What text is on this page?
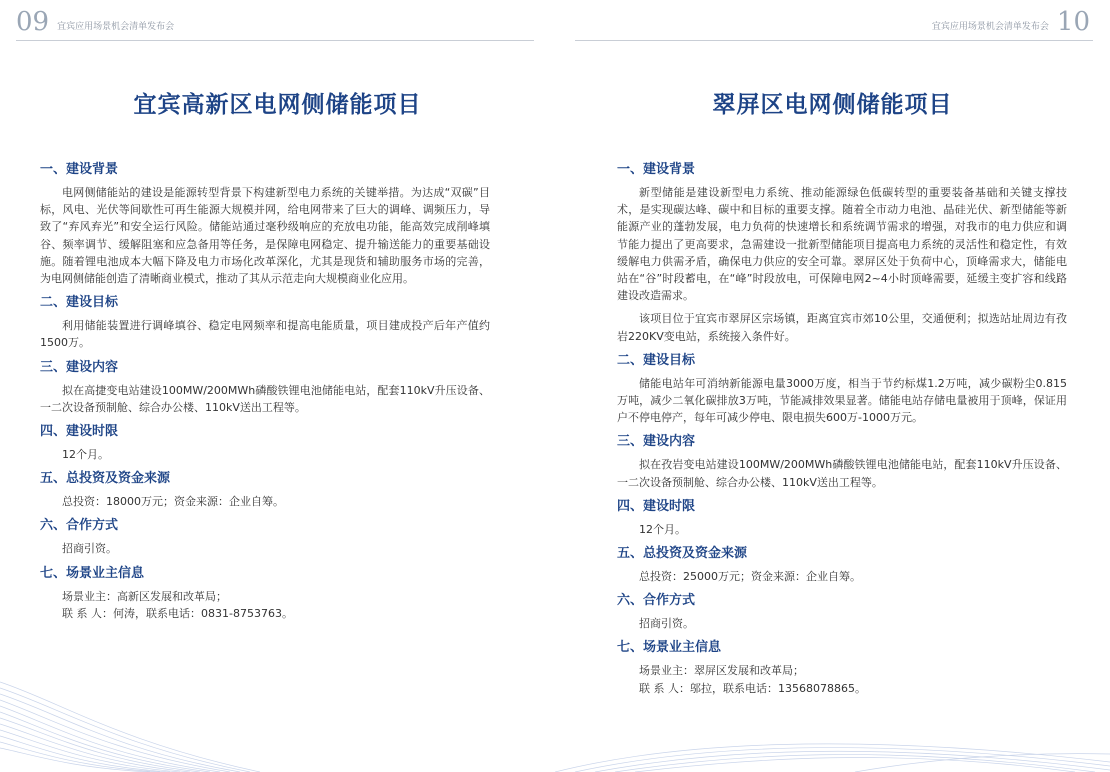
09 宜宾应用场景机会清单发布会
宜宾高新区电网侧储能项目

一、建设背景

电网侧储能站的建设是能源转型背景下构建新型电力系统的关键举措。为达成“双碳”目标，风电、光伏等间歇性可再生能源大规模并网，给电网带来了巨大的调峰、调频压力，导致了“弃风弃光”和安全运行风险。储能站通过毫秒级响应的充放电功能，能高效完成削峰填谷、频率调节、缓解阻塞和应急备用等任务，是保障电网稳定、提升输送能力的重要基础设施。随着锂电池成本大幅下降及电力市场化改革深化，尤其是现货和辅助服务市场的完善，为电网侧储能创造了清晰商业模式，推动了其从示范走向大规模商业化应用。

二、建设目标

利用储能装置进行调峰填谷、稳定电网频率和提高电能质量，项目建成投产后年产值约1500万。

三、建设内容

拟在高捷变电站建设100MW/200MWh磷酸铁锂电池储能电站，配套110kV升压设备、一二次设备预制舱、综合办公楼、110kV送出工程等。

四、建设时限

12个月。

五、总投资及资金来源

总投资：18000万元；资金来源：企业自筹。

六、合作方式

招商引资。

七、场景业主信息

场景业主：高新区发展和改革局；

联 系 人：何涛，联系电话：0831-8753763。

宜宾应用场景机会清单发布会 10
翠屏区电网侧储能项目

一、建设背景

新型储能是建设新型电力系统、推动能源绿色低碳转型的重要装备基础和关键支撑技术，是实现碳达峰、碳中和目标的重要支撑。随着全市动力电池、晶硅光伏、新型储能等新能源产业的蓬勃发展，电力负荷的快速增长和系统调节需求的增强，对我市的电力供应和调节能力提出了更高要求，急需建设一批新型储能项目提高电力系统的灵活性和稳定性，有效缓解电力供需矛盾，确保电力供应的安全可靠。翠屏区处于负荷中心，顶峰需求大，储能电站在“谷”时段蓄电，在“峰”时段放电，可保障电网2~4小时顶峰需要，延缓主变扩容和线路建设改造需求。

该项目位于宜宾市翠屏区宗场镇，距离宜宾市郊10公里，交通便利；拟选站址周边有孜岩220KV变电站，系统接入条件好。

二、建设目标

储能电站年可消纳新能源电量3000万度，相当于节约标煤1.2万吨，减少碳粉尘0.815万吨，减少二氧化碳排放3万吨，节能减排效果显著。储能电站存储电量被用于顶峰，保证用户不停电停产，每年可减少停电、限电损失600万-1000万元。

三、建设内容

拟在孜岩变电站建设100MW/200MWh磷酸铁锂电池储能电站，配套110kV升压设备、一二次设备预制舱、综合办公楼、110kV送出工程等。

四、建设时限

12个月。

五、总投资及资金来源

总投资：25000万元；资金来源：企业自筹。

六、合作方式

招商引资。

七、场景业主信息

场景业主：翠屏区发展和改革局；

联 系 人：邬拉，联系电话：13568078865。
